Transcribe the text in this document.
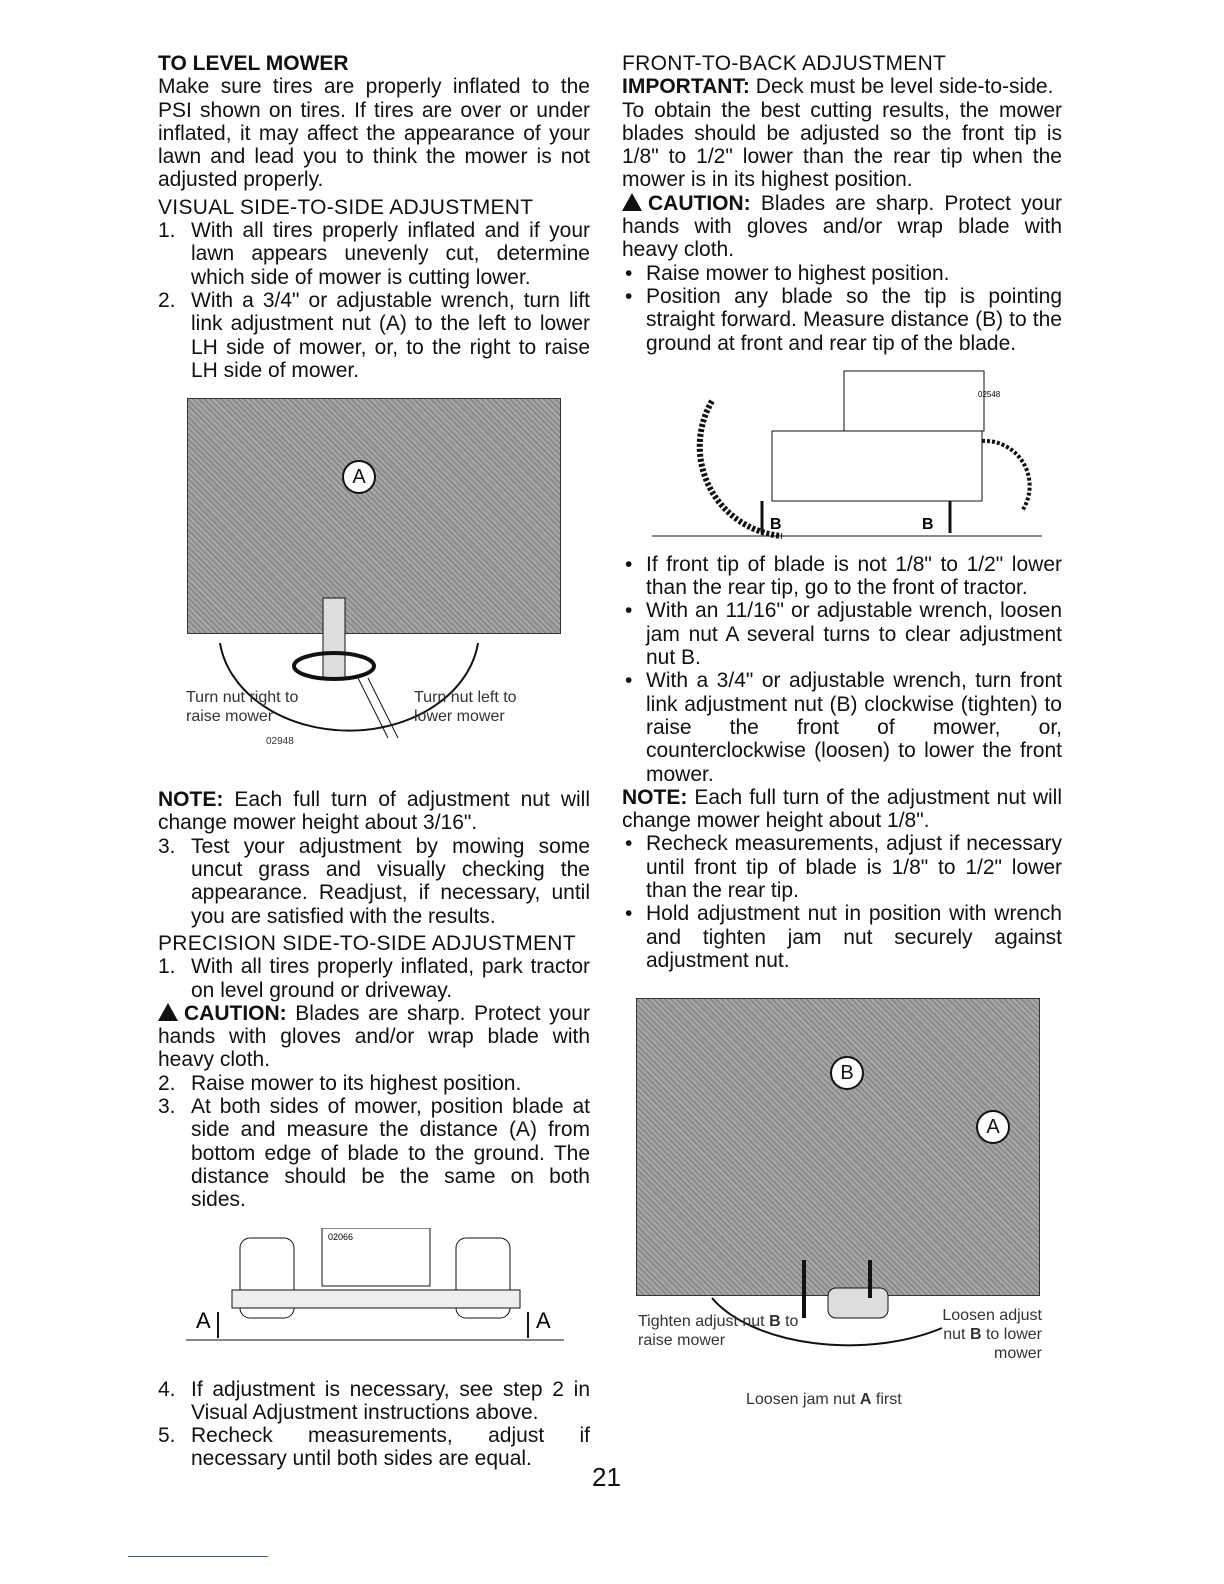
TO LEVEL MOWER

Make sure tires are properly inflated to the PSI shown on tires. If tires are over or under inflated, it may affect the appearance of your lawn and lead you to think the mower is not adjusted properly.

VISUAL SIDE-TO-SIDE ADJUSTMENT

1. With all tires properly inflated and if your lawn appears unevenly cut, determine which side of mower is cutting lower.
2. With a 3/4" or adjustable wrench, turn lift link adjustment nut (A) to the left to lower LH side of mower, or, to the right to raise LH side of mower.
A
Turn nut right to raise mower
Turn nut left to lower mower
02948

NOTE: Each full turn of adjustment nut will change mower height about 3/16".

3. Test your adjustment by mowing some uncut grass and visually checking the appearance. Readjust, if necessary, until you are satisfied with the results.

PRECISION SIDE-TO-SIDE ADJUSTMENT

1. With all tires properly inflated, park tractor on level ground or driveway.

CAUTION: Blades are sharp. Protect your hands with gloves and/or wrap blade with heavy cloth.

2. Raise mower to its highest position.
3. At both sides of mower, position blade at side and measure the distance (A) from bottom edge of blade to the ground. The distance should be the same on both sides.
02066
A	A
4. If adjustment is necessary, see step 2 in Visual Adjustment instructions above.
5. Recheck measurements, adjust if necessary until both sides are equal.

FRONT-TO-BACK ADJUSTMENT

IMPORTANT: Deck must be level side-to-side.

To obtain the best cutting results, the mower blades should be adjusted so the front tip is 1/8" to 1/2" lower than the rear tip when the mower is in its highest position.

CAUTION: Blades are sharp. Protect your hands with gloves and/or wrap blade with heavy cloth.

• Raise mower to highest position.
• Position any blade so the tip is pointing straight forward. Measure distance (B) to the ground at front and rear tip of the blade.
B	B
02548
• If front tip of blade is not 1/8" to 1/2" lower than the rear tip, go to the front of tractor.
• With an 11/16" or adjustable wrench, loosen jam nut A several turns to clear adjustment nut B.
• With a 3/4" or adjustable wrench, turn front link adjustment nut (B) clockwise (tighten) to raise the front of mower, or, counterclockwise (loosen) to lower the front mower.

NOTE: Each full turn of the adjustment nut will change mower height about 1/8".

• Recheck measurements, adjust if necessary until front tip of blade is 1/8" to 1/2" lower than the rear tip.
• Hold adjustment nut in position with wrench and tighten jam nut securely against adjustment nut.
B
A
Tighten adjust nut B to raise mower
Loosen adjust nut B to lower mower
Loosen jam nut A first
21
